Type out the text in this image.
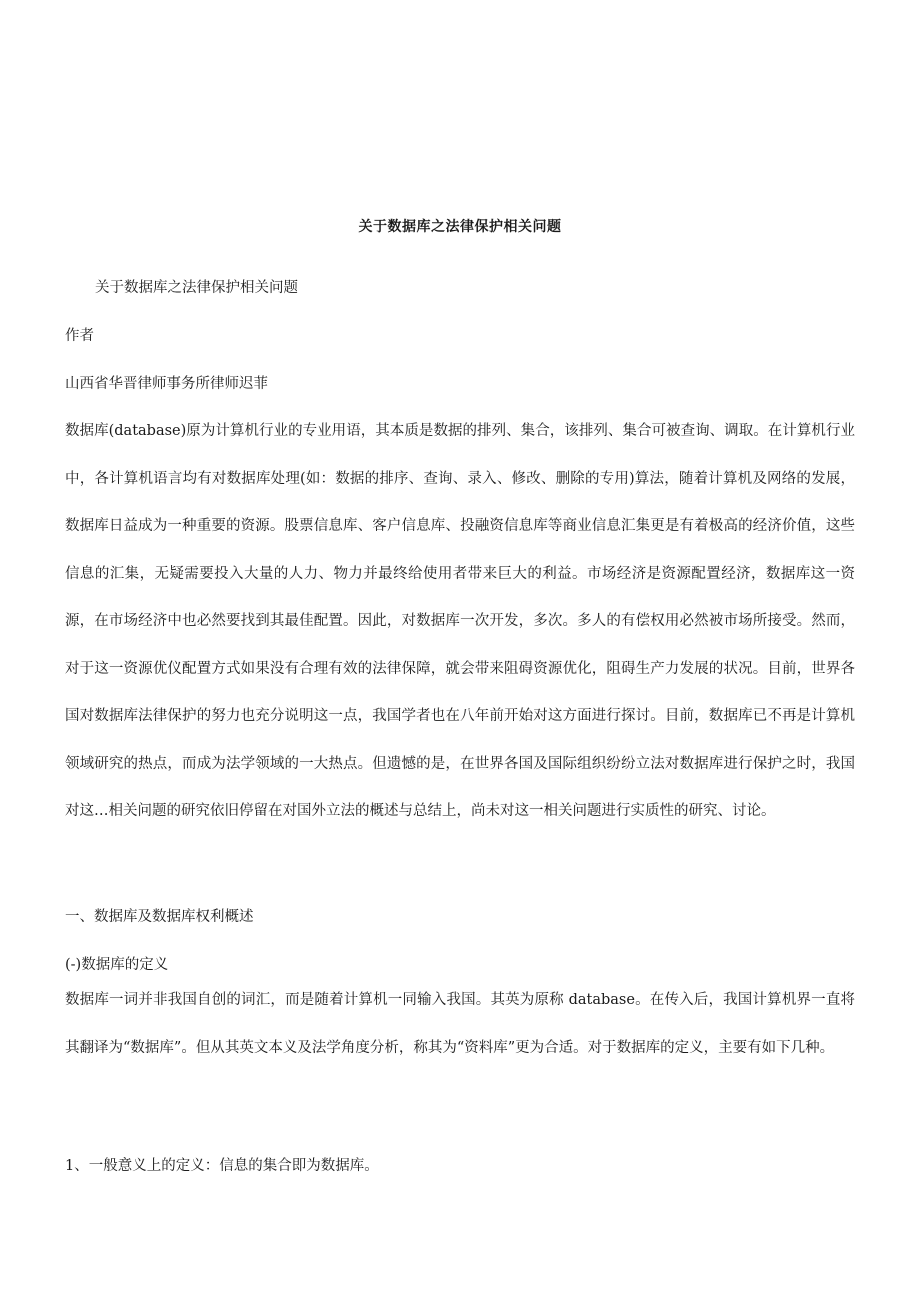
关于数据库之法律保护相关问题
关于数据库之法律保护相关问题
作者
山西省华晋律师事务所律师迟菲
数据库(database)原为计算机行业的专业用语，其本质是数据的排列、集合，该排列、集合可被查询、调取。在计算机行业中，各计算机语言均有对数据库处理(如：数据的排序、查询、录入、修改、删除的专用)算法，随着计算机及网络的发展，数据库日益成为一种重要的资源。股票信息库、客户信息库、投融资信息库等商业信息汇集更是有着极高的经济价值，这些信息的汇集，无疑需要投入大量的人力、物力并最终给使用者带来巨大的利益。市场经济是资源配置经济，数据库这一资源，在市场经济中也必然要找到其最佳配置。因此，对数据库一次开发，多次。多人的有偿权用必然被市场所接受。然而，对于这一资源优仪配置方式如果没有合理有效的法律保障，就会带来阻碍资源优化，阻碍生产力发展的状况。目前，世界各国对数据库法律保护的努力也充分说明这一点，我国学者也在八年前开始对这方面进行探讨。目前，数据库已不再是计算机领域研究的热点，而成为法学领域的一大热点。但遗憾的是，在世界各国及国际组织纷纷立法对数据库进行保护之时，我国对这…相关问题的研究依旧停留在对国外立法的概述与总结上，尚未对这一相关问题进行实质性的研究、讨论。
一、数据库及数据库权利概述
(-)数据库的定义
数据库一词并非我国自创的词汇，而是随着计算机一同输入我国。其英为原称 database。在传入后，我国计算机界一直将其翻译为“数据库”。但从其英文本义及法学角度分析，称其为“资料库”更为合适。对于数据库的定义，主要有如下几种。
1、一般意义上的定义：信息的集合即为数据库。
